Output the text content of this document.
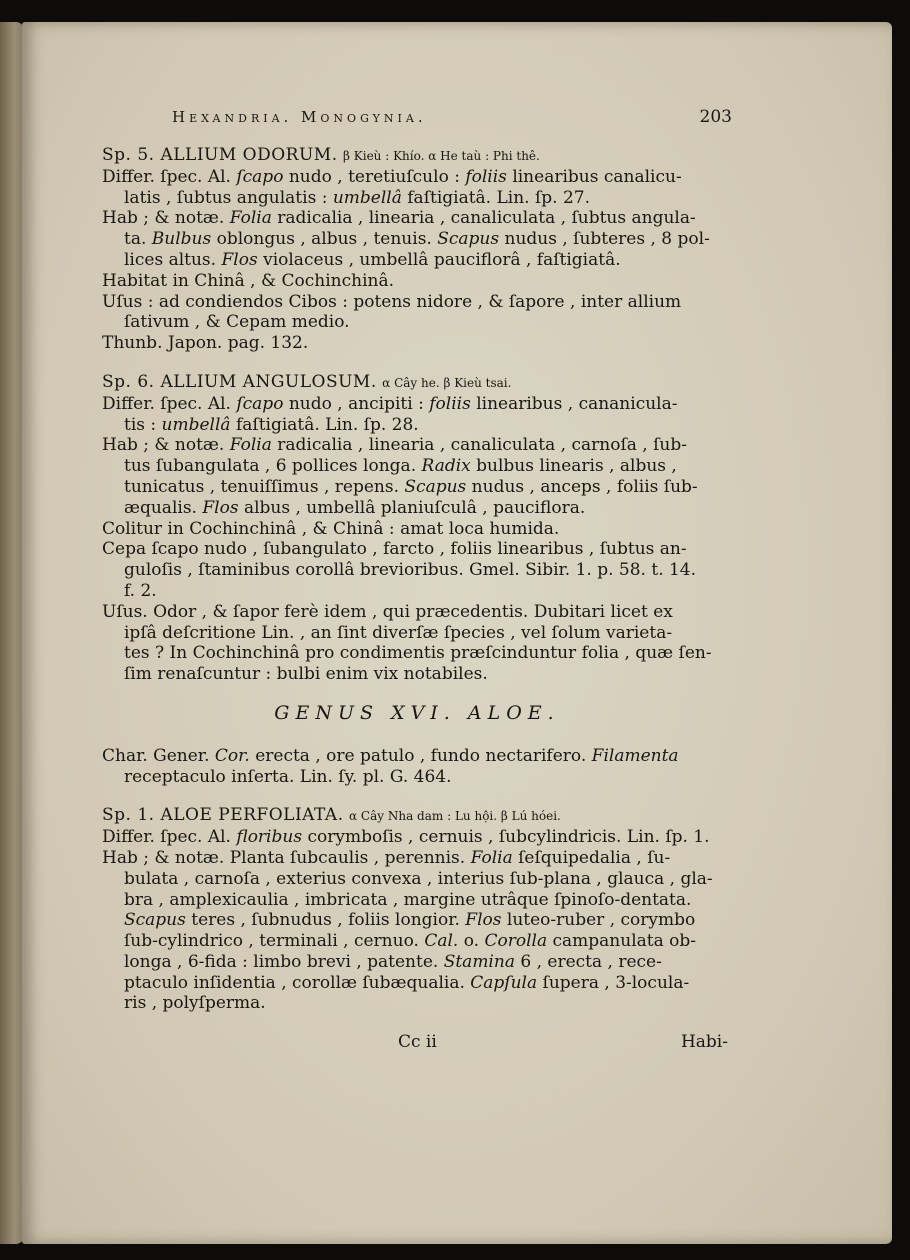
Hexandria. Monogynia.	203
Sp. 5. ALLIUM ODORUM. β Kieù : Khío. α He taù : Phi thê.
Differ. ſpec. Al. ſcapo nudo , teretiuſculo : foliis linearibus canalicu-
latis , ſubtus angulatis : umbellâ faſtigiatâ. Lin. ſp. 27.
Hab ; & notæ. Folia radicalia , linearia , canaliculata , ſubtus angula-
ta. Bulbus oblongus , albus , tenuis. Scapus nudus , ſubteres , 8 pol-
lices altus. Flos violaceus , umbellâ pauciflorâ , faſtigiatâ.
Habitat in Chinâ , & Cochinchinâ.
Uſus : ad condiendos Cibos : potens nidore , & ſapore , inter allium
ſativum , & Cepam medio.
Thunb. Japon. pag. 132.
Sp. 6. ALLIUM ANGULOSUM. α Cây he. β Kieù tsai.
Differ. ſpec. Al. ſcapo nudo , ancipiti : foliis linearibus , cananicula-
tis : umbellâ faſtigiatâ. Lin. ſp. 28.
Hab ; & notæ. Folia radicalia , linearia , canaliculata , carnoſa , ſub-
tus ſubangulata , 6 pollices longa. Radix bulbus linearis , albus ,
tunicatus , tenuiſſimus , repens. Scapus nudus , anceps , foliis ſub-
æqualis. Flos albus , umbellâ planiuſculâ , pauciflora.
Colitur in Cochinchinâ , & Chinâ : amat loca humida.
Cepa ſcapo nudo , ſubangulato , farcto , foliis linearibus , ſubtus an-
guloſis , ſtaminibus corollâ brevioribus. Gmel. Sibir. 1. p. 58. t. 14.
f. 2.
Uſus. Odor , & ſapor ferè idem , qui præcedentis. Dubitari licet ex
ipſâ deſcritione Lin. , an ſint diverſæ ſpecies , vel ſolum varieta-
tes ? In Cochinchinâ pro condimentis præſcinduntur folia , quæ ſen-
ſim renaſcuntur : bulbi enim vix notabiles.
GENUS XVI. ALOE.
Char. Gener. Cor. erecta , ore patulo , fundo nectarifero. Filamenta
receptaculo inſerta. Lin. ſy. pl. G. 464.
Sp. 1. ALOE PERFOLIATA. α Cây Nha dam : Lu hội. β Lú hóei.
Differ. ſpec. Al. floribus corymboſis , cernuis , ſubcylindricis. Lin. ſp. 1.
Hab ; & notæ. Planta ſubcaulis , perennis. Folia ſeſquipedalia , ſu-
bulata , carnoſa , exterius convexa , interius ſub-plana , glauca , gla-
bra , amplexicaulia , imbricata , margine utrâque ſpinoſo-dentata.
Scapus teres , ſubnudus , foliis longior. Flos luteo-ruber , corymbo
ſub-cylindrico , terminali , cernuo. Cal. o. Corolla campanulata ob-
longa , 6-fida : limbo brevi , patente. Stamina 6 , erecta , rece-
ptaculo inſidentia , corollæ ſubæqualia. Capſula ſupera , 3-locula-
ris , polyſperma.
Cc ii	Habi-
